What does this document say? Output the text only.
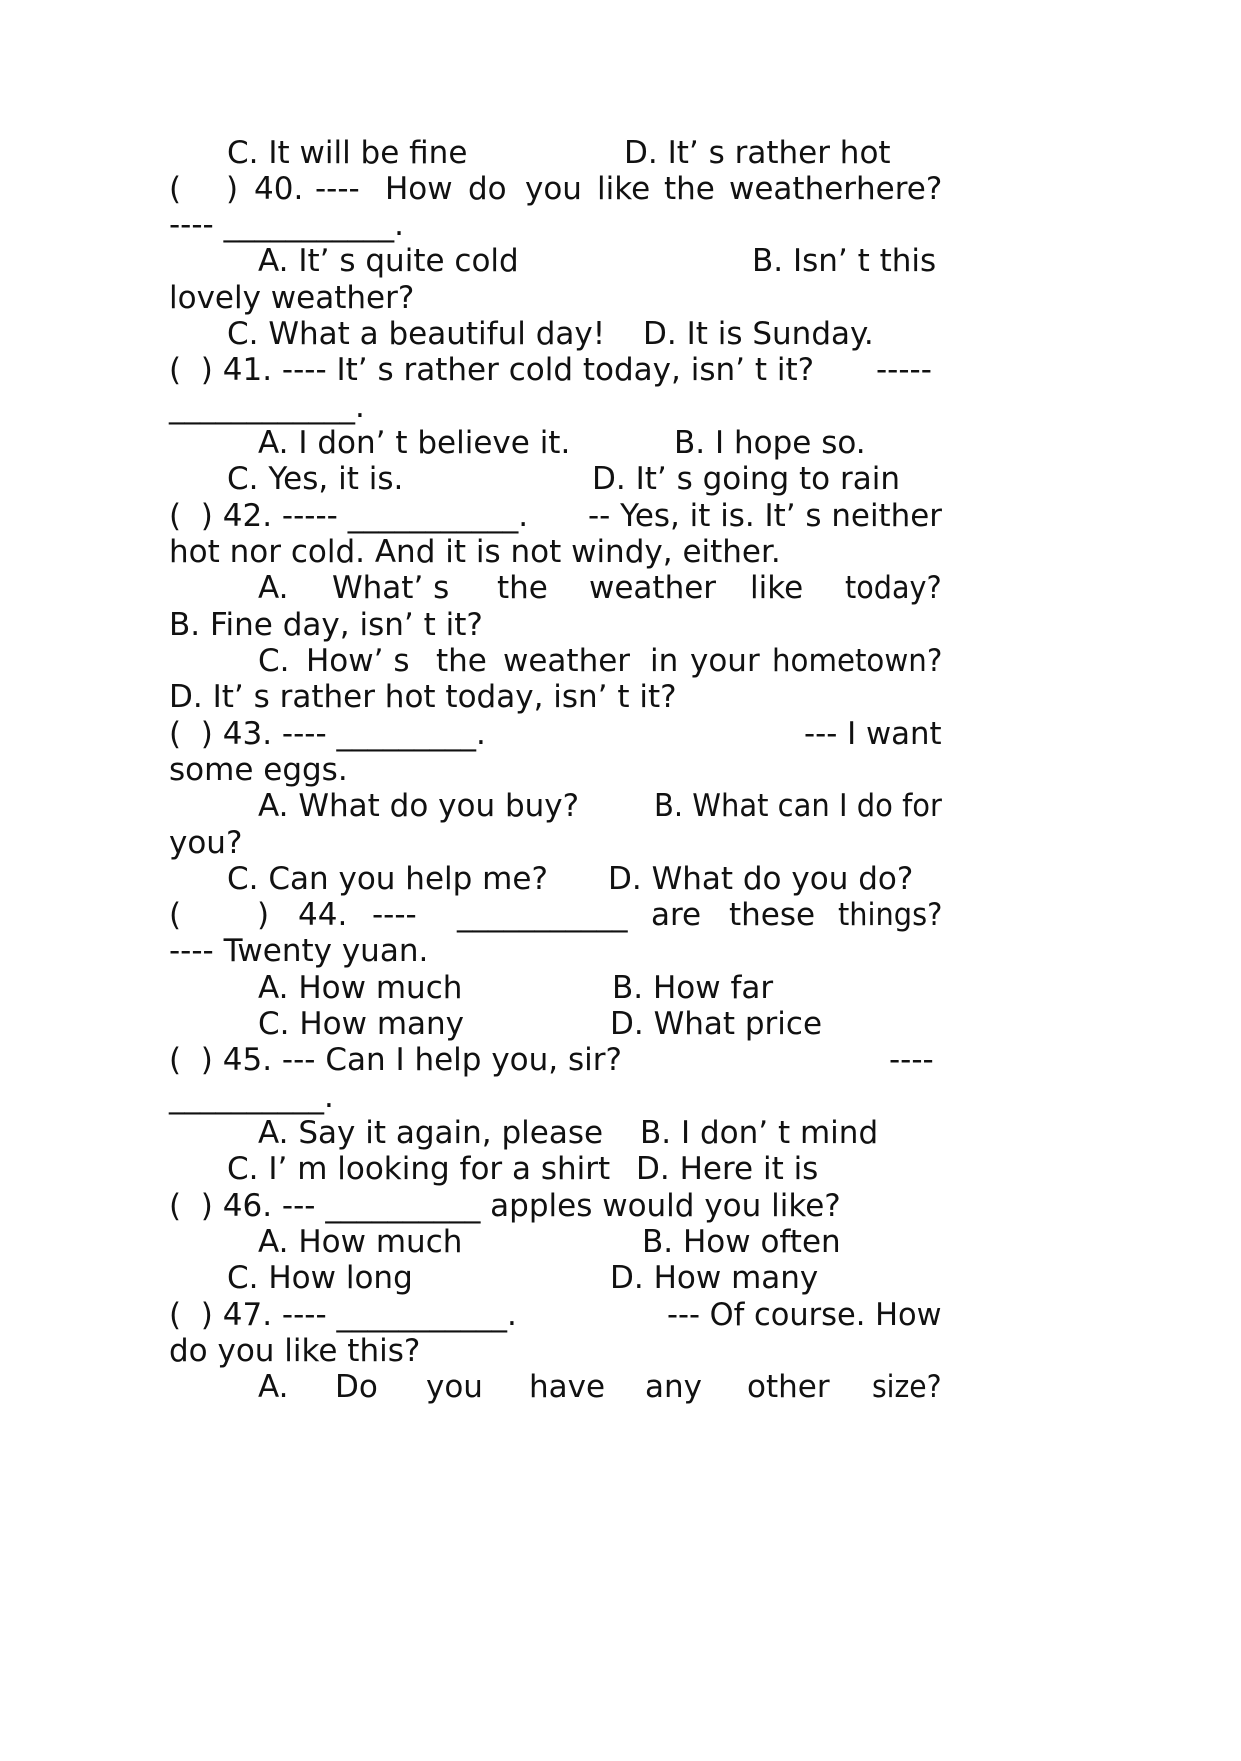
C. It will be fine

	D. It’ s rather hot

(

)

40.

----

How

do

you

like

the

weather

here?

---- ___________.

A. It’ s quite cold

	B. Isn’ t this

lovely weather?

C. What a beautiful day!

D. It is Sunday.

(  ) 41. ---- It’ s rather cold today, isn’ t it?

-----

____________.

A. I don’ t believe it.

	B. I hope so.

C. Yes, it is.

	D. It’ s going to rain

(  ) 42. ----- ___________.

-- Yes, it is. It’ s neither

hot nor cold. And it is not windy, either.

A.

What’ s

the

weather

like

today?

B. Fine day, isn’ t it?

C.

How’ s

the

weather

in

your

hometown?

D. It’ s rather hot today, isn’ t it?

(  ) 43. ---- _________.

	--- I want

some eggs.

A. What do you buy?

B. What can I do for

you?

C. Can you help me?

D. What do you do?

(

)

44.

----

___________

are

these

things?

---- Twenty yuan.

A. How much

	B. How far

C. How many

	D. What price

(  ) 45. --- Can I help you, sir?

	----

__________.

A. Say it again, please

B. I don’ t mind

C. I’ m looking for a shirt

D. Here it is

(  ) 46. --- __________ apples would you like?

A. How much

	B. How often

C. How long

	D. How many

(  ) 47. ---- ___________.

	--- Of course. How

do you like this?

A.

Do

you

have

any

other

size?
